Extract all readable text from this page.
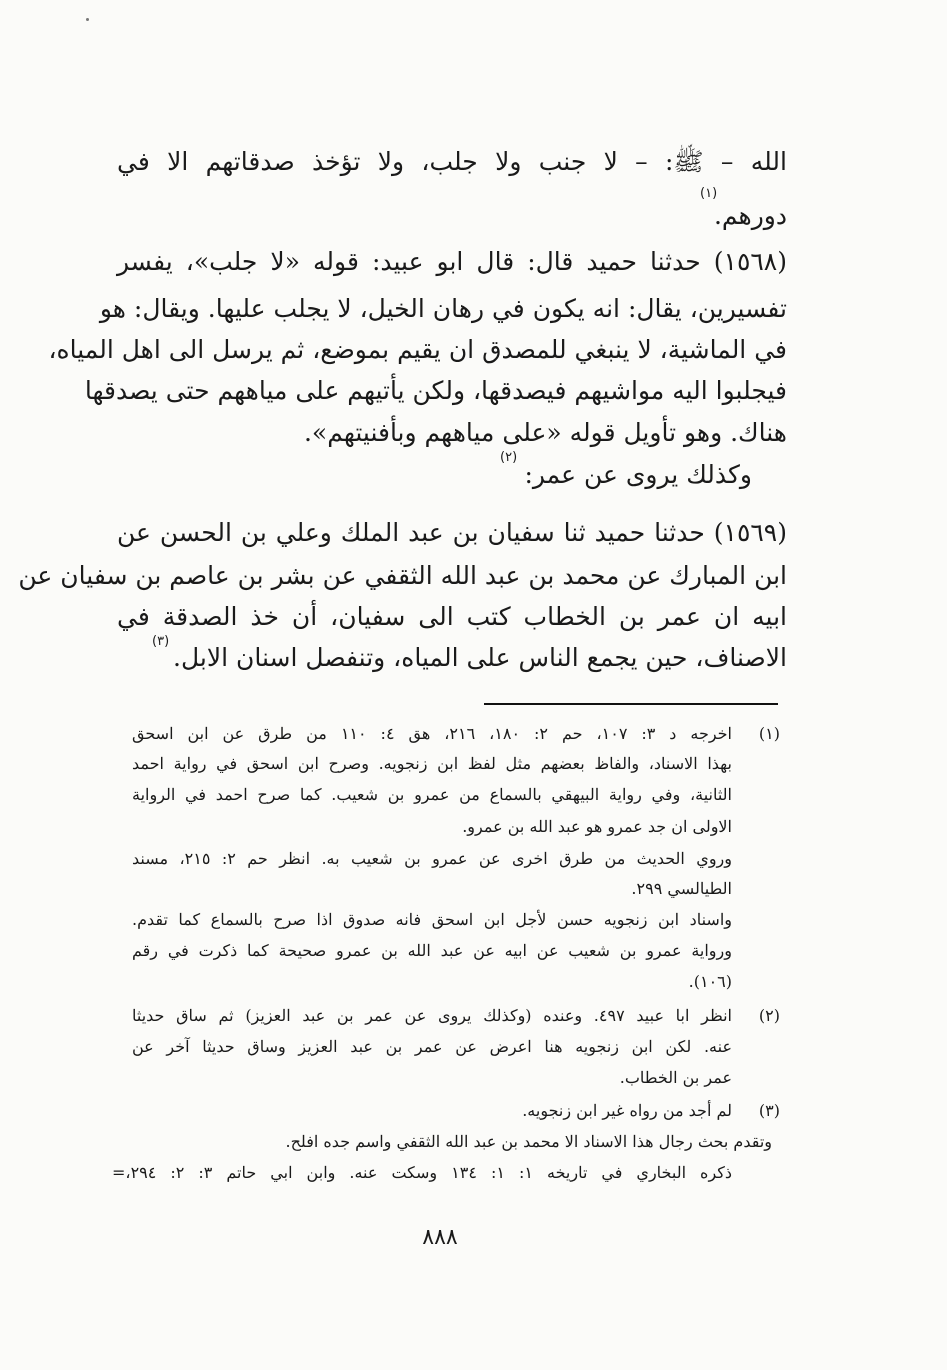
الله – ﷺ: – لا جنب ولا جلب، ولا تؤخذ صدقاتهم الا في
(١)
دورهم.
(١٥٦٨) حدثنا حميد قال: قال ابو عبيد: قوله «لا جلب»، يفسر
تفسيرين، يقال: انه يكون في رهان الخيل، لا يجلب عليها. ويقال: هو
في الماشية، لا ينبغي للمصدق ان يقيم بموضع، ثم يرسل الى اهل المياه،
فيجلبوا اليه مواشيهم فيصدقها، ولكن يأتيهم على مياههم حتى يصدقها
هناك. وهو تأويل قوله «على مياههم وبأفنيتهم».
(٢)
وكذلك يروى عن عمر:
(١٥٦٩) حدثنا حميد ثنا سفيان بن عبد الملك وعلي بن الحسن عن
ابن المبارك عن محمد بن عبد الله الثقفي عن بشر بن عاصم بن سفيان عن
ابيه ان عمر بن الخطاب كتب الى سفيان، أن خذ الصدقة في
(٣)
الاصناف، حين يجمع الناس على المياه، وتنفصل اسنان الابل.
(١)
اخرجه د ٣: ١٠٧، حم ٢: ١٨٠، ٢١٦، هق ٤: ١١٠ من طرق عن ابن اسحق
بهذا الاسناد، والفاظ بعضهم مثل لفظ ابن زنجويه. وصرح ابن اسحق في رواية احمد
الثانية، وفي رواية البيهقي بالسماع من عمرو بن شعيب. كما صرح احمد في الرواية
الاولى ان جد عمرو هو عبد الله بن عمرو.
وروي الحديث من طرق اخرى عن عمرو بن شعيب به. انظر حم ٢: ٢١٥، مسند
الطيالسي ٢٩٩.
واسناد ابن زنجويه حسن لأجل ابن اسحق فانه صدوق اذا صرح بالسماع كما تقدم.
ورواية عمرو بن شعيب عن ابيه عن عبد الله بن عمرو صحيحة كما ذكرت في رقم
(١٠٦).
(٢)
انظر ابا عبيد ٤٩٧. وعنده (وكذلك يروى عن عمر بن عبد العزيز) ثم ساق حديثا
عنه. لكن ابن زنجويه هنا اعرض عن عمر بن عبد العزيز وساق حديثا آخر عن
عمر بن الخطاب.
(٣)
لم أجد من رواه غير ابن زنجويه.
وتقدم بحث رجال هذا الاسناد الا محمد بن عبد الله الثقفي واسم جده افلح.
ذكره البخاري في تاريخه ١: ١: ١٣٤ وسكت عنه. وابن ابي حاتم ٣: ٢: ٢٩٤،=
٨٨٨
